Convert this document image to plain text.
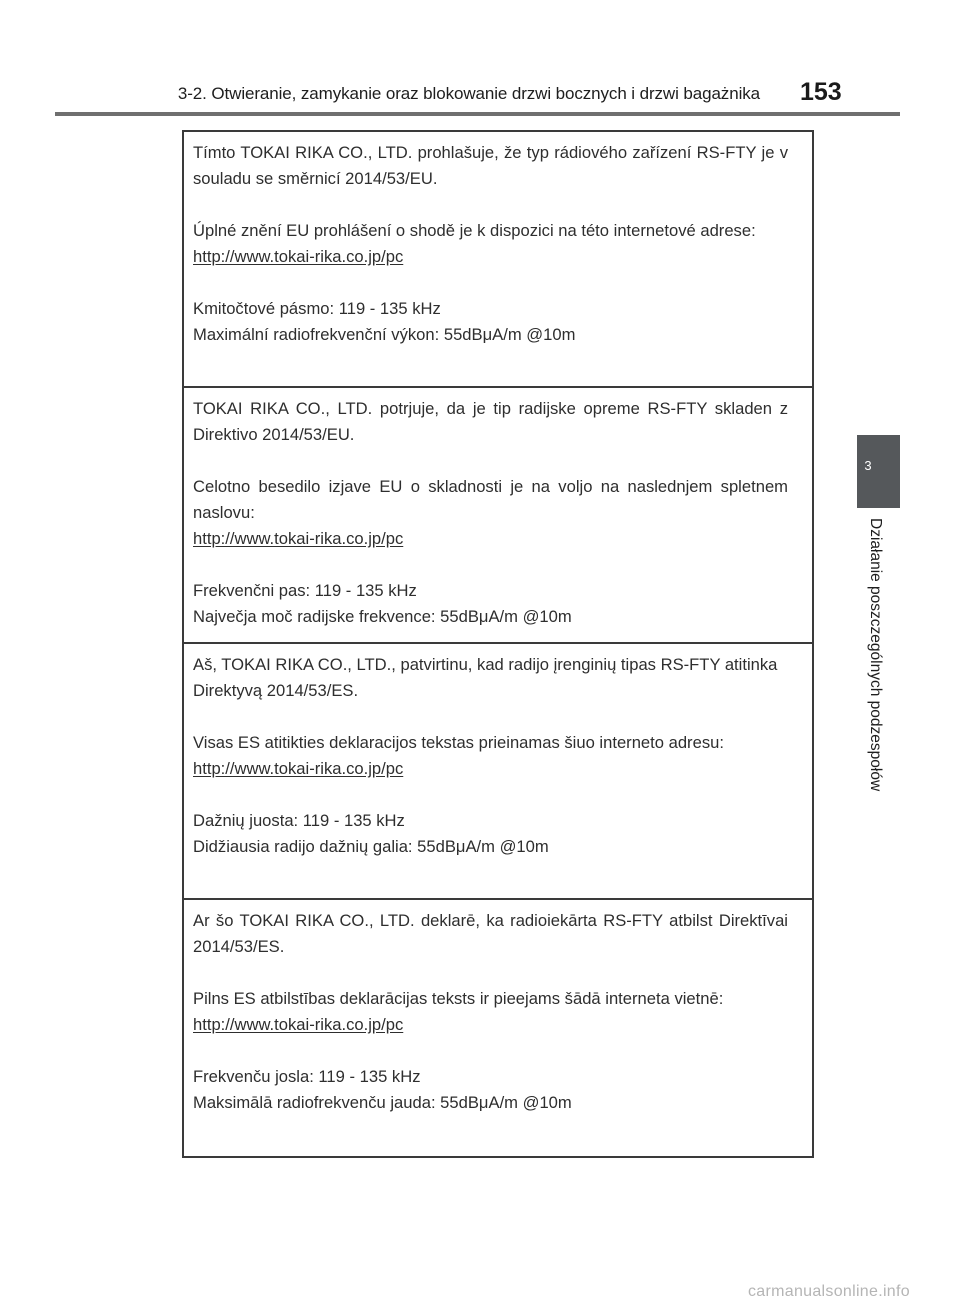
3-2. Otwieranie, zamykanie oraz blokowanie drzwi bocznych i drzwi bagażnika 153
3
Działanie poszczególnych podzespołów

Tímto TOKAI RIKA CO., LTD. prohlašuje, že typ rádiového zařízení RS-FTY je v souladu se směrnicí 2014/53/EU.

Úplné znění EU prohlášení o shodě je k dispozici na této internetové adrese:

http://www.tokai-rika.co.jp/pc

Kmitočtové pásmo: 119 - 135 kHz

Maximální radiofrekvenční výkon: 55dBμA/m @10m

TOKAI RIKA CO., LTD. potrjuje, da je tip radijske opreme RS-FTY skladen z Direktivo 2014/53/EU.

Celotno besedilo izjave EU o skladnosti je na voljo na naslednjem spletnem naslovu:

http://www.tokai-rika.co.jp/pc

Frekvenčni pas: 119 - 135 kHz

Največja moč radijske frekvence: 55dBμA/m @10m

Aš, TOKAI RIKA CO., LTD., patvirtinu, kad radijo įrenginių tipas RS-FTY atitinka Direktyvą 2014/53/ES.

Visas ES atitikties deklaracijos tekstas prieinamas šiuo interneto adresu:

http://www.tokai-rika.co.jp/pc

Dažnių juosta: 119 - 135 kHz

Didžiausia radijo dažnių galia: 55dBμA/m @10m

Ar šo TOKAI RIKA CO., LTD. deklarē, ka radioiekārta RS-FTY atbilst Direktīvai 2014/53/ES.

Pilns ES atbilstības deklarācijas teksts ir pieejams šādā interneta vietnē:

http://www.tokai-rika.co.jp/pc

Frekvenču josla: 119 - 135 kHz

Maksimālā radiofrekvenču jauda: 55dBμA/m @10m

carmanualsonline.info
